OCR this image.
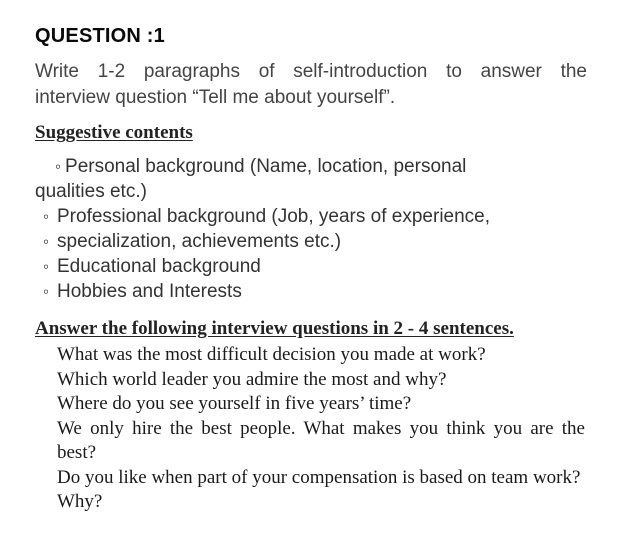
QUESTION :1
Write 1-2 paragraphs of self-introduction to answer the
interview question “Tell me about yourself”.
Suggestive contents
◦ Personal background (Name, location, personal qualities etc.)
◦ Professional background (Job, years of experience,
◦ specialization, achievements etc.)
◦ Educational background
◦ Hobbies and Interests
Answer the following interview questions in 2 - 4 sentences.
What was the most difficult decision you made at work?
Which world leader you admire the most and why?
Where do you see yourself in five years’ time?
We only hire the best people. What makes you think you are the best?
Do you like when part of your compensation is based on team work? Why?
